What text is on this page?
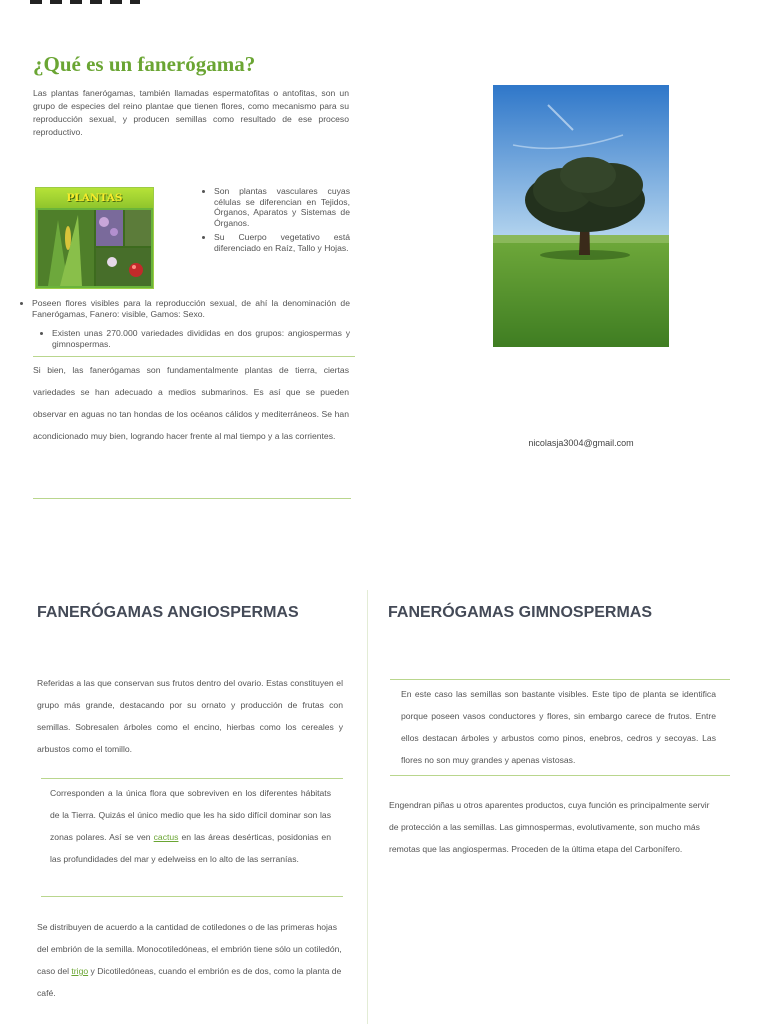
¿Qué es un fanerógama?

Las plantas fanerógamas, también llamadas espermatofitas o antofitas, son un grupo de especies del reino plantae que tienen flores, como mecanismo para su reproducción sexual, y producen semillas como resultado de ese proceso reproductivo.

PLANTAS
• Son plantas vasculares cuyas células se diferencian en Tejidos, Órganos, Aparatos y Sistemas de Órganos.
• Su Cuerpo vegetativo está diferenciado en Raíz, Tallo y Hojas.
• Poseen flores visibles para la reproducción sexual, de ahí la denominación de Fanerógamas, Fanero: visible, Gamos: Sexo.
• Existen unas 270.000 variedades divididas en dos grupos: angiospermas y gimnospermas.

Si bien, las fanerógamas son fundamentalmente plantas de tierra, ciertas variedades se han adecuado a medios submarinos. Es así que se pueden observar en aguas no tan hondas de los océanos cálidos y mediterráneos. Se han acondicionado muy bien, logrando hacer frente al mal tiempo y a las corrientes.

nicolasja3004@gmail.com
FANERÓGAMAS ANGIOSPERMAS

Referidas a las que conservan sus frutos dentro del ovario. Estas constituyen el grupo más grande, destacando por su ornato y producción de frutas con semillas. Sobresalen árboles como el encino, hierbas como los cereales y arbustos como el tomillo.

Corresponden a la única flora que sobreviven en los diferentes hábitats de la Tierra. Quizás el único medio que les ha sido difícil dominar son las zonas polares. Así se ven cactus en las áreas desérticas, posidonias en las profundidades del mar y edelweiss en lo alto de las serranías.

Se distribuyen de acuerdo a la cantidad de cotiledones o de las primeras hojas del embrión de la semilla. Monocotiledóneas, el embrión tiene sólo un cotiledón, caso del trigo y Dicotiledóneas, cuando el embrión es de dos, como la planta de café.

FANERÓGAMAS GIMNOSPERMAS

En este caso las semillas son bastante visibles. Este tipo de planta se identifica porque poseen vasos conductores y flores, sin embargo carece de frutos. Entre ellos destacan árboles y arbustos como pinos, enebros, cedros y secoyas. Las flores no son muy grandes y apenas vistosas.

Engendran piñas u otros aparentes productos, cuya función es principalmente servir de protección a las semillas. Las gimnospermas, evolutivamente, son mucho más remotas que las angiospermas. Proceden de la última etapa del Carbonífero.
